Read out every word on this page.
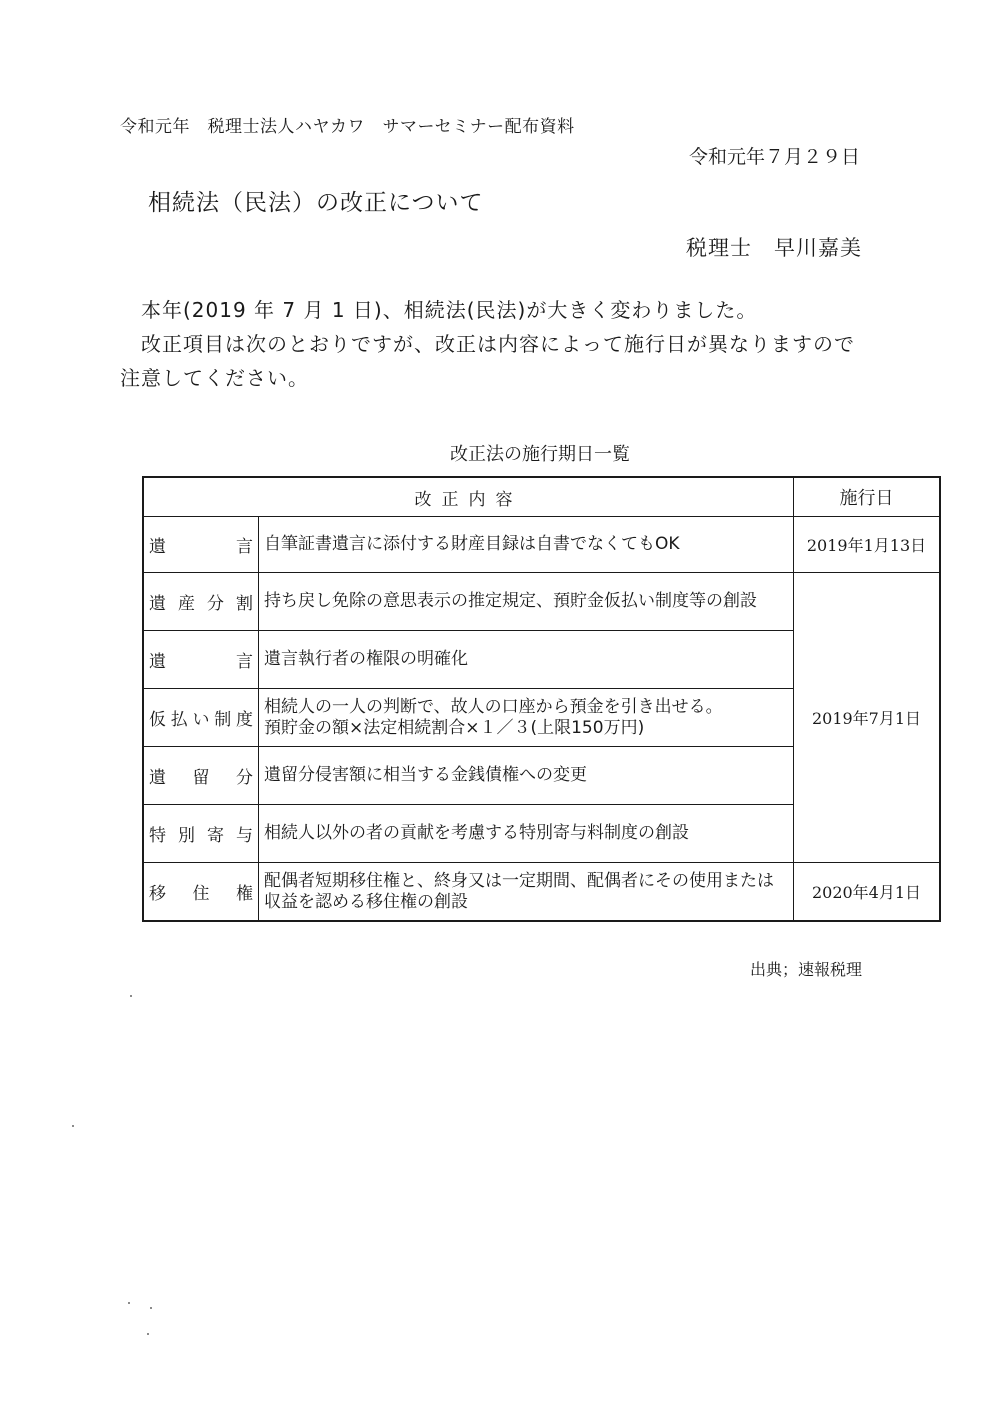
令和元年　税理士法人ハヤカワ　サマーセミナー配布資料
令和元年７月２９日
相続法（民法）の改正について
税理士　早川嘉美

　本年(2019 年 7 月 1 日)、相続法(民法)が大きく変わりました。

　改正項目は次のとおりですが、改正は内容によって施行日が異なりますので

注意してください。

改正法の施行期日一覧
改正内容		施行日
遺言	自筆証書遺言に添付する財産目録は自書でなくてもOK	2019年1月13日
遺産分割	持ち戻し免除の意思表示の推定規定、預貯金仮払い制度等の創設	2019年7月1日
遺言	遺言執行者の権限の明確化	
仮払い制度	相続人の一人の判断で、故人の口座から預金を引き出せる。
預貯金の額×法定相続割合×１／３(上限150万円)	

遺留分	遺留分侵害額に相当する金銭債権への変更	
特別寄与	相続人以外の者の貢献を考慮する特別寄与料制度の創設	
移住権	配偶者短期移住権と、終身又は一定期間、配偶者にその使用または収益を認める移住権の創設	2020年4月1日
出典；速報税理
